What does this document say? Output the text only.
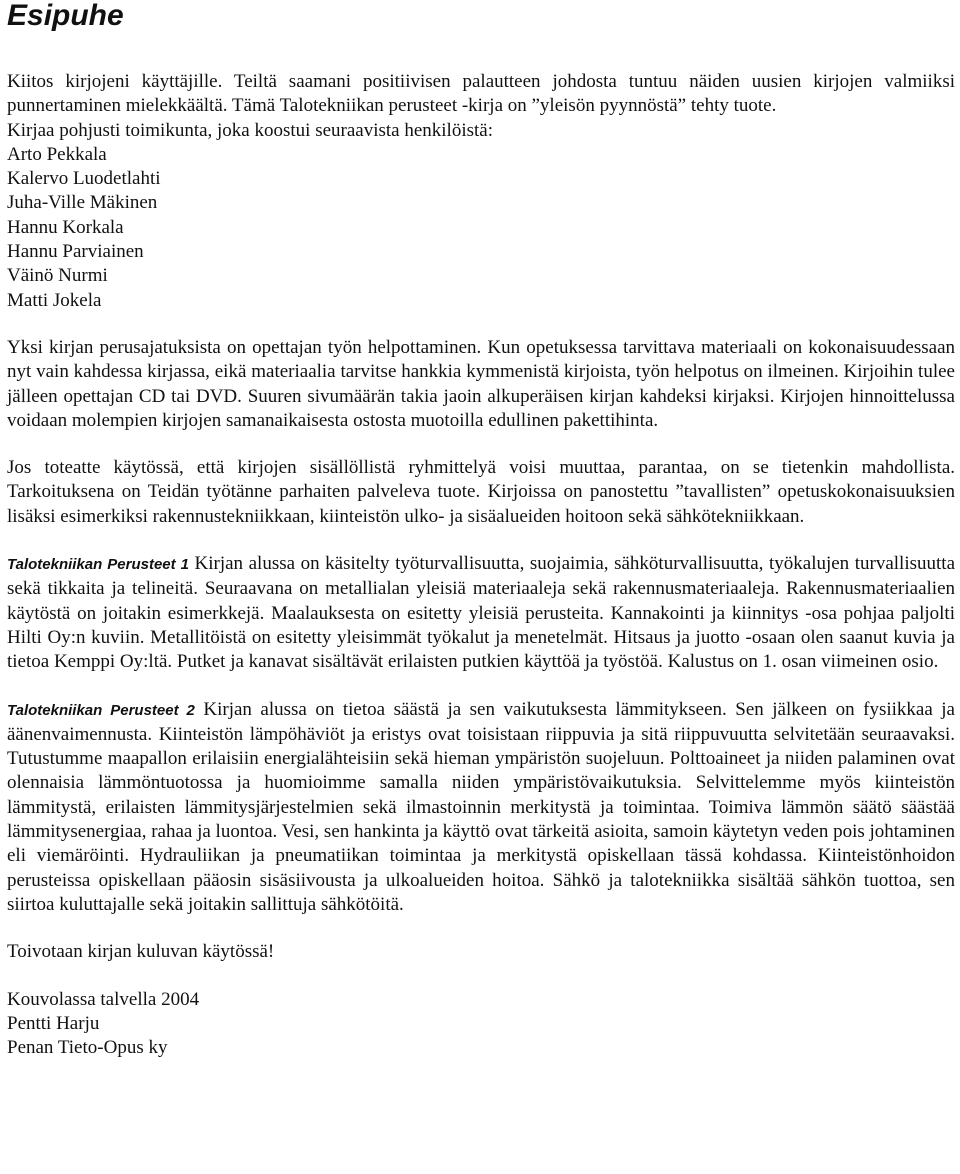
Esipuhe

Kiitos kirjojeni käyttäjille. Teiltä saamani positiivisen palautteen johdosta tuntuu näiden uusien kirjojen valmiiksi punnertaminen mielekkäältä. Tämä Talotekniikan perusteet -kirja on ”yleisön pyynnöstä” tehty tuote.

Kirjaa pohjusti toimikunta, joka koostui seuraavista henkilöistä:

Arto Pekkala
Kalervo Luodetlahti
Juha-Ville Mäkinen
Hannu Korkala
Hannu Parviainen
Väinö Nurmi
Matti Jokela

Yksi kirjan perusajatuksista on opettajan työn helpottaminen. Kun opetuksessa tarvittava materiaali on kokonaisuudessaan nyt vain kahdessa kirjassa, eikä materiaalia tarvitse hankkia kymmenistä kirjoista, työn helpotus on ilmeinen. Kirjoihin tulee jälleen opettajan CD tai DVD. Suuren sivumäärän takia jaoin alkuperäisen kirjan kahdeksi kirjaksi. Kirjojen hinnoittelussa voidaan molempien kirjojen samanaikaisesta ostosta muotoilla edullinen pakettihinta.

Jos toteatte käytössä, että kirjojen sisällöllistä ryhmittelyä voisi muuttaa, parantaa, on se tietenkin mahdollista. Tarkoituksena on Teidän työtänne parhaiten palveleva tuote. Kirjoissa on panostettu ”tavallisten” opetuskokonaisuuksien lisäksi esimerkiksi rakennustekniikkaan, kiinteistön ulko- ja sisäalueiden hoitoon sekä sähkötekniikkaan.

Talotekniikan Perusteet 1 Kirjan alussa on käsitelty työturvallisuutta, suojaimia, sähköturvallisuutta, työkalujen turvallisuutta sekä tikkaita ja telineitä. Seuraavana on metallialan yleisiä materiaaleja sekä rakennusmateriaaleja. Rakennusmateriaalien käytöstä on joitakin esimerkkejä. Maalauksesta on esitetty yleisiä perusteita. Kannakointi ja kiinnitys -osa pohjaa paljolti Hilti Oy:n kuviin. Metallitöistä on esitetty yleisimmät työkalut ja menetelmät. Hitsaus ja juotto -osaan olen saanut kuvia ja tietoa Kemppi Oy:ltä. Putket ja kanavat sisältävät erilaisten putkien käyttöä ja työstöä. Kalustus on 1. osan viimeinen osio.

Talotekniikan Perusteet 2 Kirjan alussa on tietoa säästä ja sen vaikutuksesta lämmitykseen. Sen jälkeen on fysiikkaa ja äänenvaimennusta. Kiinteistön lämpöhäviöt ja eristys ovat toisistaan riippuvia ja sitä riippuvuutta selvitetään seuraavaksi. Tutustumme maapallon erilaisiin energialähteisiin sekä hieman ympäristön suojeluun. Polttoaineet ja niiden palaminen ovat olennaisia lämmöntuotossa ja huomioimme samalla niiden ympäristövaikutuksia. Selvittelemme myös kiinteistön lämmitystä, erilaisten lämmitysjärjestelmien sekä ilmastoinnin merkitystä ja toimintaa. Toimiva lämmön säätö säästää lämmitysenergiaa, rahaa ja luontoa. Vesi, sen hankinta ja käyttö ovat tärkeitä asioita, samoin käytetyn veden pois johtaminen eli viemäröinti. Hydrauliikan ja pneumatiikan toimintaa ja merkitystä opiskellaan tässä kohdassa. Kiinteistönhoidon perusteissa opiskellaan pääosin sisäsiivousta ja ulkoalueiden hoitoa. Sähkö ja talotekniikka sisältää sähkön tuottoa, sen siirtoa kuluttajalle sekä joitakin sallittuja sähkötöitä.

Toivotaan kirjan kuluvan käytössä!

Kouvolassa talvella 2004
Pentti Harju
Penan Tieto-Opus ky
